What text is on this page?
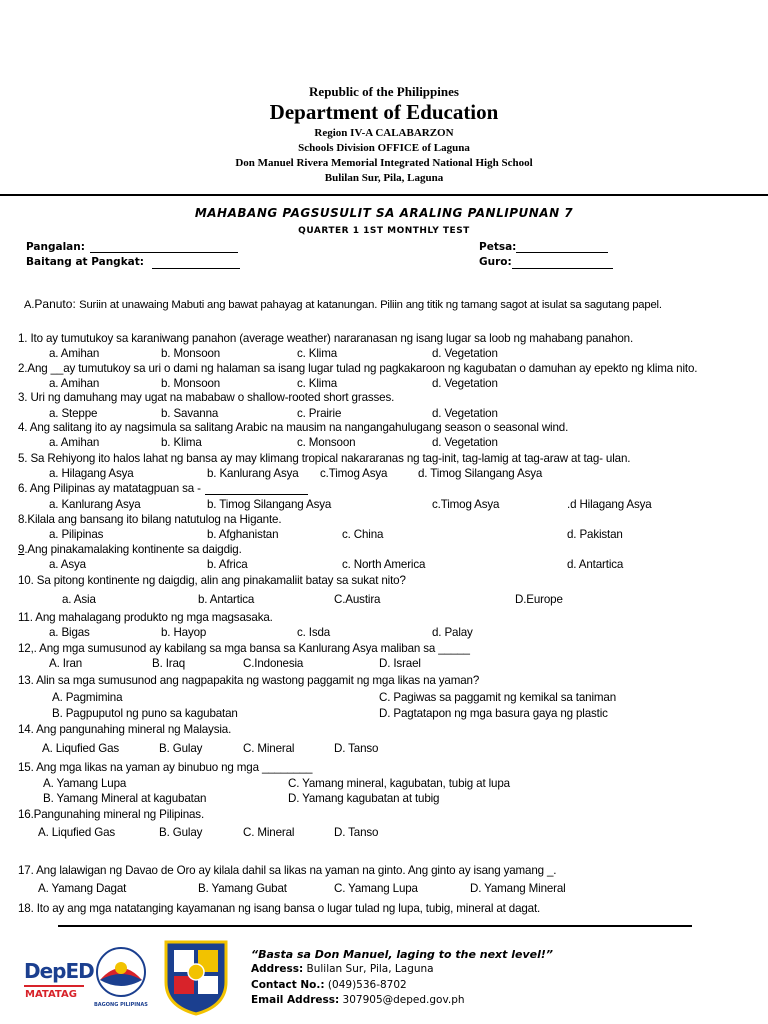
Republic of the Philippines
Department of Education
Region IV-A CALABARZON
Schools Division OFFICE of Laguna
Don Manuel Rivera Memorial Integrated National High School
Bulilan Sur, Pila, Laguna
MAHABANG PAGSUSULIT SA ARALING PANLIPUNAN 7
QUARTER 1 1ST MONTHLY TEST
Pangalan:
Baitang at Pangkat:
Petsa:
Guro:
A.Panuto: Suriin at unawaing Mabuti ang bawat pahayag at katanungan. Piliin ang titik ng tamang sagot at isulat sa sagutang papel.
1. Ito ay tumutukoy sa karaniwang panahon (average weather) nararanasan ng isang lugar sa loob ng mahabang panahon.
a. Amihan	b. Monsoon	c. Klima	d. Vegetation
2.Ang __ay tumutukoy sa uri o dami ng halaman sa isang lugar tulad ng pagkakaroon ng kagubatan o damuhan ay epekto ng klima nito.
a. Amihan	b. Monsoon	c. Klima	d. Vegetation
3. Uri ng damuhang may ugat na mababaw o shallow-rooted short grasses.
a. Steppe	b. Savanna	c. Prairie	d. Vegetation
4. Ang salitang ito ay nagsimula sa salitang Arabic na mausim na nangangahulugang season o seasonal wind.
a. Amihan	b. Klima	c. Monsoon	d. Vegetation
5. Sa Rehiyong ito halos lahat ng bansa ay may klimang tropical nakararanas ng tag-init, tag-lamig at tag-araw at tag- ulan.
a. Hilagang Asya	b. Kanlurang Asya c.Timog Asya	d. Timog Silangang Asya
6. Ang Pilipinas ay matatagpuan sa -
a. Kanlurang Asya	b. Timog Silangang Asya	c.Timog Asya	.d Hilagang Asya
8.Kilala ang bansang ito bilang natutulog na Higante.
a. Pilipinas	b. Afghanistan	c. China	d. Pakistan
9.Ang pinakamalaking kontinente sa daigdig.
a. Asya	b. Africa	c. North America	d. Antartica
10. Sa pitong kontinente ng daigdig, alin ang pinakamaliit batay sa sukat nito?
a. Asia	b. Antartica	C.Austira	D.Europe
11. Ang mahalagang produkto ng mga magsasaka.
a. Bigas	b. Hayop	c. Isda	d. Palay
12,. Ang mga sumusunod ay kabilang sa mga bansa sa Kanlurang Asya maliban sa _____
A. Iran	B. Iraq	C.Indonesia	D. Israel
13. Alin sa mga sumusunod ang nagpapakita ng wastong paggamit ng mga likas na yaman?
A. Pagmimina	C. Pagiwas sa paggamit ng kemikal sa taniman
B. Pagpuputol ng puno sa kagubatan	D. Pagtatapon ng mga basura gaya ng plastic
14. Ang pangunahing mineral ng Malaysia.
A. Liqufied Gas	B. Gulay	C. Mineral	D. Tanso
15. Ang mga likas na yaman ay binubuo ng mga ________
A. Yamang Lupa	C. Yamang mineral, kagubatan, tubig at lupa
B. Yamang Mineral at kagubatan	D. Yamang kagubatan at tubig
16.Pangunahing mineral ng Pilipinas.
A. Liqufied Gas	B. Gulay	C. Mineral	D. Tanso
17. Ang lalawigan ng Davao de Oro ay kilala dahil sa likas na yaman na ginto. Ang ginto ay isang yamang _.
A. Yamang Dagat	B. Yamang Gubat	C. Yamang Lupa	D. Yamang Mineral
18. Ito ay ang mga natatanging kayamanan ng isang bansa o lugar tulad ng lupa, tubig, mineral at dagat.
DepED
MATATAG
BAGONG PILIPINAS
“Basta sa Don Manuel, laging to the next level!”
Address: Bulilan Sur, Pila, Laguna
Contact No.: (049)536-8702
Email Address: 307905@deped.gov.ph
